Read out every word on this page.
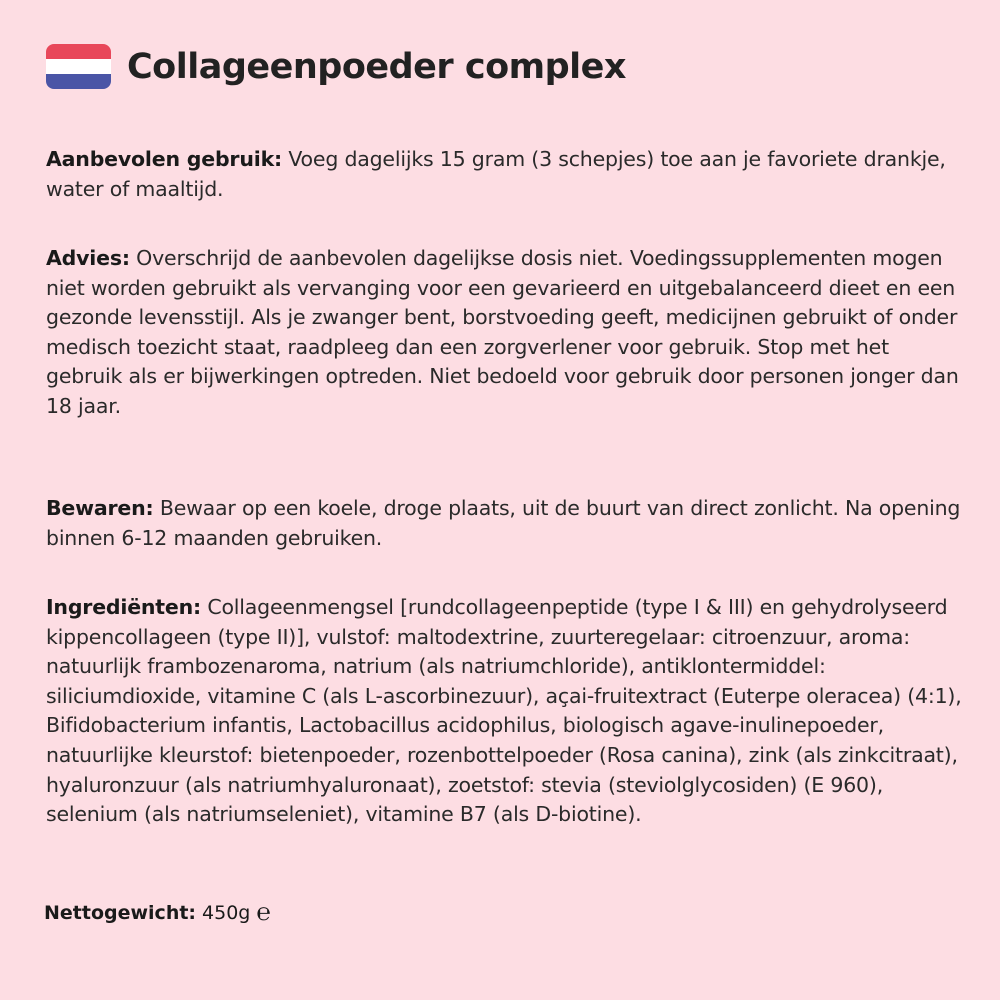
Collageenpoeder complex

Aanbevolen gebruik: Voeg dagelijks 15 gram (3 schepjes) toe aan je favoriete drankje, water of maaltijd.

Advies: Overschrijd de aanbevolen dagelijkse dosis niet. Voedingssupplementen mogen niet worden gebruikt als vervanging voor een gevarieerd en uitgebalanceerd dieet en een gezonde levensstijl. Als je zwanger bent, borstvoeding geeft, medicijnen gebruikt of onder medisch toezicht staat, raadpleeg dan een zorgverlener voor gebruik. Stop met het gebruik als er bijwerkingen optreden. Niet bedoeld voor gebruik door personen jonger dan 18 jaar.

Bewaren: Bewaar op een koele, droge plaats, uit de buurt van direct zonlicht. Na opening binnen 6-12 maanden gebruiken.

Ingrediënten: Collageenmengsel [rundcollageenpeptide (type I & III) en gehydrolyseerd kippencollageen (type II)], vulstof: maltodextrine, zuurteregelaar: citroenzuur, aroma: natuurlijk frambozenaroma, natrium (als natriumchloride), antiklontermiddel: siliciumdioxide, vitamine C (als L-ascorbinezuur), açai-fruitextract (Euterpe oleracea) (4:1), Bifidobacterium infantis, Lactobacillus acidophilus, biologisch agave-inulinepoeder, natuurlijke kleurstof: bietenpoeder, rozenbottelpoeder (Rosa canina), zink (als zinkcitraat), hyaluronzuur (als natriumhyaluronaat), zoetstof: stevia (steviolglycosiden) (E 960), selenium (als natriumseleniet), vitamine B7 (als D-biotine).

Nettogewicht: 450g ℮
